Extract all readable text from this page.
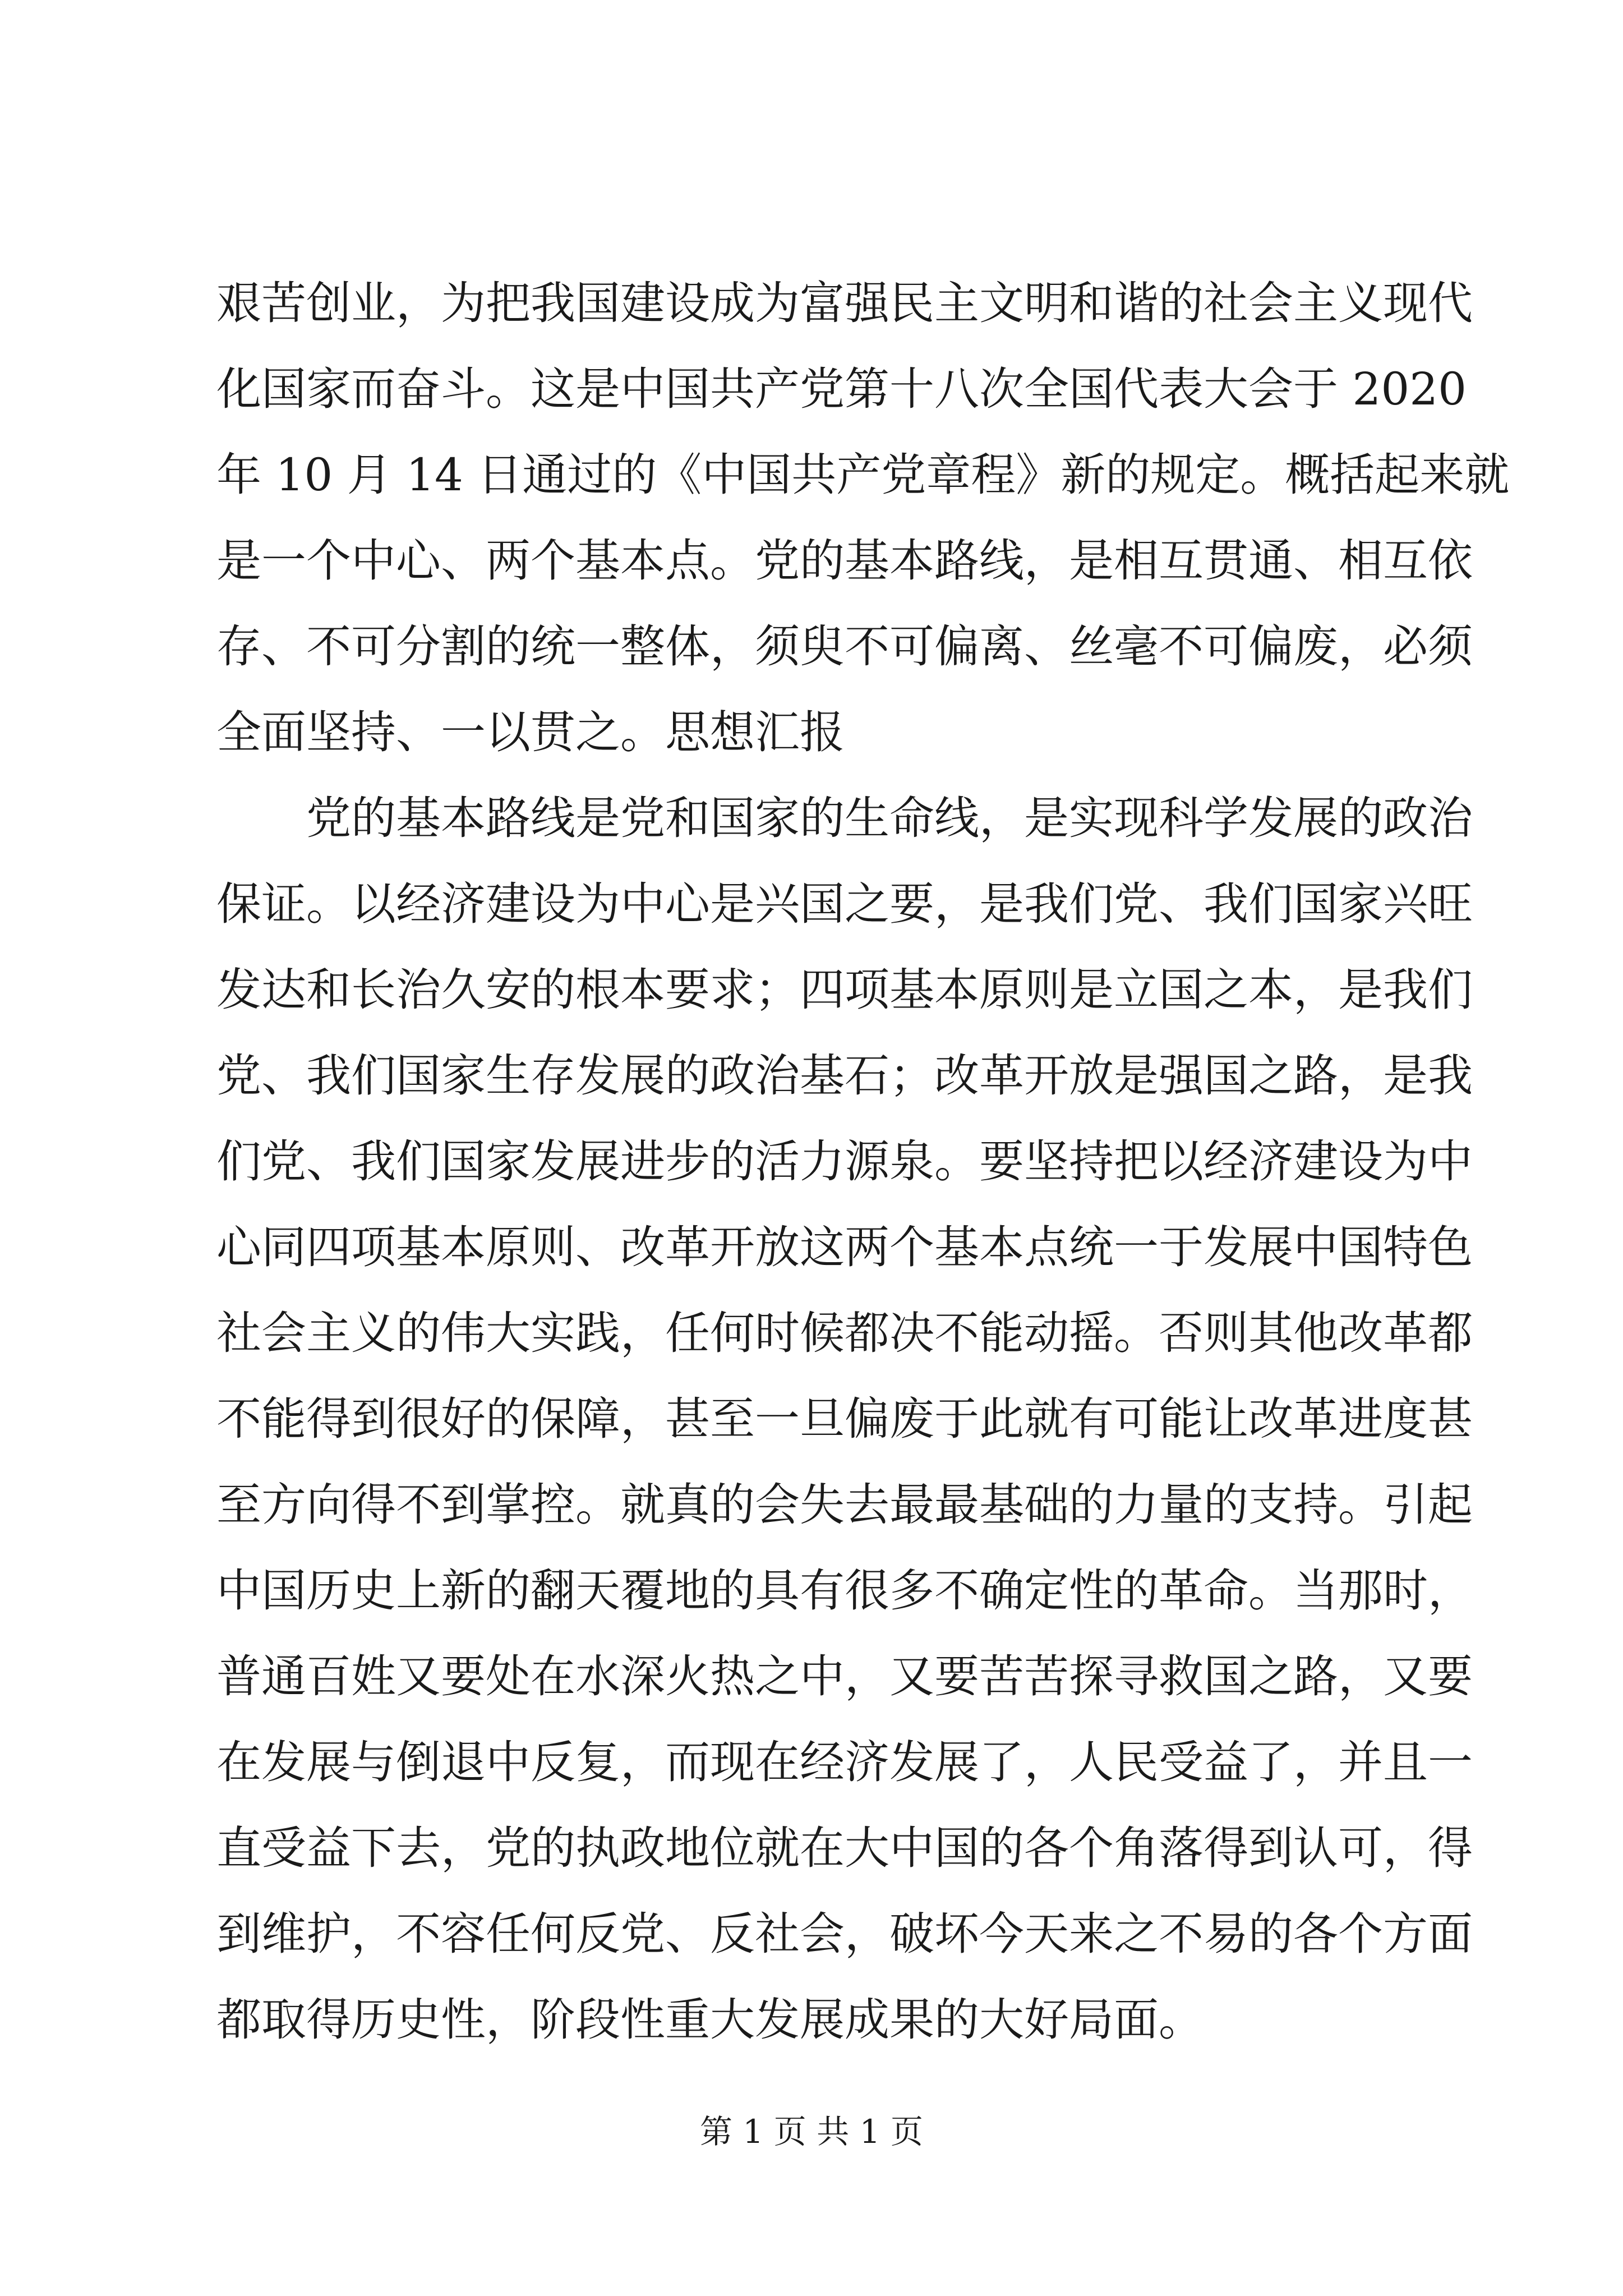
艰苦创业，为把我国建设成为富强民主文明和谐的社会主义现代
化国家而奋斗。这是中国共产党第十八次全国代表大会于 2020
年 10 月 14 日通过的《中国共产党章程》新的规定。概括起来就
是一个中心、两个基本点。党的基本路线，是相互贯通、相互依
存、不可分割的统一整体，须臾不可偏离、丝毫不可偏废，必须
全面坚持、一以贯之。思想汇报
　　党的基本路线是党和国家的生命线，是实现科学发展的政治
保证。以经济建设为中心是兴国之要，是我们党、我们国家兴旺
发达和长治久安的根本要求；四项基本原则是立国之本，是我们
党、我们国家生存发展的政治基石；改革开放是强国之路，是我
们党、我们国家发展进步的活力源泉。要坚持把以经济建设为中
心同四项基本原则、改革开放这两个基本点统一于发展中国特色
社会主义的伟大实践，任何时候都决不能动摇。否则其他改革都
不能得到很好的保障，甚至一旦偏废于此就有可能让改革进度甚
至方向得不到掌控。就真的会失去最最基础的力量的支持。引起
中国历史上新的翻天覆地的具有很多不确定性的革命。当那时，
普通百姓又要处在水深火热之中，又要苦苦探寻救国之路，又要
在发展与倒退中反复，而现在经济发展了，人民受益了，并且一
直受益下去，党的执政地位就在大中国的各个角落得到认可，得
到维护，不容任何反党、反社会，破坏今天来之不易的各个方面
都取得历史性，阶段性重大发展成果的大好局面。
第 1 页 共 1 页
